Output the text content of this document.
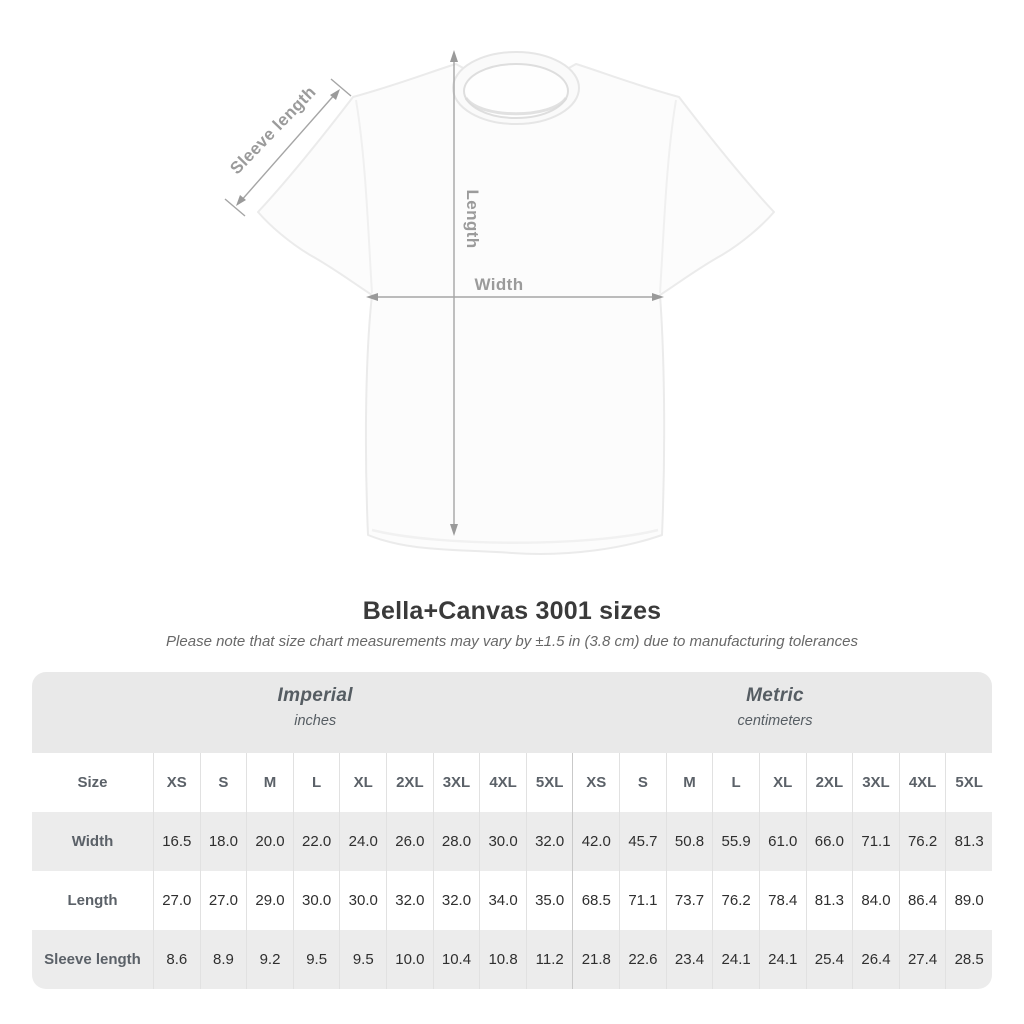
Sleeve length
Length
Width
Bella+Canvas 3001 sizes
Please note that size chart measurements may vary by ±1.5 in (3.8 cm) due to manufacturing tolerances
Imperial
inches
Metric
centimeters
Size	XS	S	M	L	XL	2XL	3XL	4XL	5XL	XS	S	M	L	XL	2XL	3XL	4XL	5XL
Width	16.5	18.0	20.0	22.0	24.0	26.0	28.0	30.0	32.0	42.0	45.7	50.8	55.9	61.0	66.0	71.1	76.2	81.3
Length	27.0	27.0	29.0	30.0	30.0	32.0	32.0	34.0	35.0	68.5	71.1	73.7	76.2	78.4	81.3	84.0	86.4	89.0
Sleeve length	8.6	8.9	9.2	9.5	9.5	10.0	10.4	10.8	11.2	21.8	22.6	23.4	24.1	24.1	25.4	26.4	27.4	28.5
